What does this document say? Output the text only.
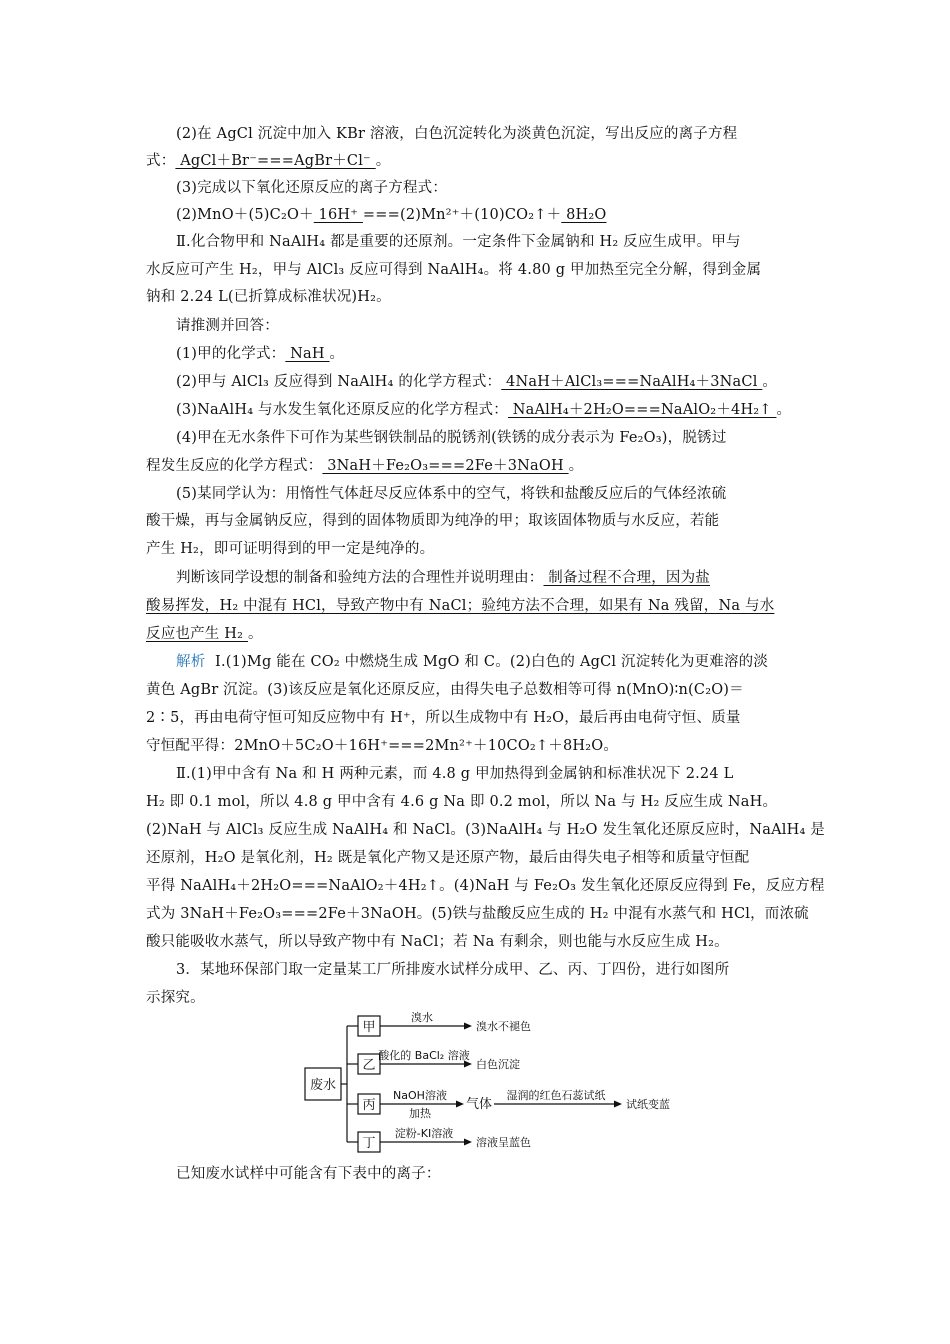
(2)在 AgCl 沉淀中加入 KBr 溶液，白色沉淀转化为淡黄色沉淀，写出反应的离子方程
式： AgCl＋Br⁻===AgBr＋Cl⁻ 。
(3)完成以下氧化还原反应的离子方程式：
(2)MnO＋(5)C₂O＋ 16H⁺ ===(2)Mn²⁺＋(10)CO₂↑＋ 8H₂O
Ⅱ.化合物甲和 NaAlH₄ 都是重要的还原剂。一定条件下金属钠和 H₂ 反应生成甲。甲与
水反应可产生 H₂，甲与 AlCl₃ 反应可得到 NaAlH₄。将 4.80 g 甲加热至完全分解，得到金属
钠和 2.24 L(已折算成标准状况)H₂。
请推测并回答：
(1)甲的化学式： NaH 。
(2)甲与 AlCl₃ 反应得到 NaAlH₄ 的化学方程式： 4NaH＋AlCl₃===NaAlH₄＋3NaCl 。
(3)NaAlH₄ 与水发生氧化还原反应的化学方程式： NaAlH₄＋2H₂O===NaAlO₂＋4H₂↑ 。
(4)甲在无水条件下可作为某些钢铁制品的脱锈剂(铁锈的成分表示为 Fe₂O₃)，脱锈过
程发生反应的化学方程式： 3NaH＋Fe₂O₃===2Fe＋3NaOH 。
(5)某同学认为：用惰性气体赶尽反应体系中的空气，将铁和盐酸反应后的气体经浓硫
酸干燥，再与金属钠反应，得到的固体物质即为纯净的甲；取该固体物质与水反应，若能
产生 H₂，即可证明得到的甲一定是纯净的。
判断该同学设想的制备和验纯方法的合理性并说明理由： 制备过程不合理，因为盐
酸易挥发，H₂ 中混有 HCl，导致产物中有 NaCl；验纯方法不合理，如果有 Na 残留，Na 与水
反应也产生 H₂ 。
解析 Ⅰ.(1)Mg 能在 CO₂ 中燃烧生成 MgO 和 C。(2)白色的 AgCl 沉淀转化为更难溶的淡
黄色 AgBr 沉淀。(3)该反应是氧化还原反应，由得失电子总数相等可得 n(MnO)∶n(C₂O)＝
2∶5，再由电荷守恒可知反应物中有 H⁺，所以生成物中有 H₂O，最后再由电荷守恒、质量
守恒配平得：2MnO＋5C₂O＋16H⁺===2Mn²⁺＋10CO₂↑＋8H₂O。
Ⅱ.(1)甲中含有 Na 和 H 两种元素，而 4.8 g 甲加热得到金属钠和标准状况下 2.24 L
H₂ 即 0.1 mol，所以 4.8 g 甲中含有 4.6 g Na 即 0.2 mol，所以 Na 与 H₂ 反应生成 NaH。
(2)NaH 与 AlCl₃ 反应生成 NaAlH₄ 和 NaCl。(3)NaAlH₄ 与 H₂O 发生氧化还原反应时，NaAlH₄ 是
还原剂，H₂O 是氧化剂，H₂ 既是氧化产物又是还原产物，最后由得失电子相等和质量守恒配
平得 NaAlH₄＋2H₂O===NaAlO₂＋4H₂↑。(4)NaH 与 Fe₂O₃ 发生氧化还原反应得到 Fe，反应方程
式为 3NaH＋Fe₂O₃===2Fe＋3NaOH。(5)铁与盐酸反应生成的 H₂ 中混有水蒸气和 HCl，而浓硫
酸只能吸收水蒸气，所以导致产物中有 NaCl；若 Na 有剩余，则也能与水反应生成 H₂。
3．某地环保部门取一定量某工厂所排废水试样分成甲、乙、丙、丁四份，进行如图所
示探究。
废水
甲
乙
丙
丁
溴水
溴水不褪色
酸化的 BaCl₂ 溶液
白色沉淀
NaOH溶液
加热
气体
湿润的红色石蕊试纸
试纸变蓝
淀粉-KI溶液
溶液呈蓝色
已知废水试样中可能含有下表中的离子：
